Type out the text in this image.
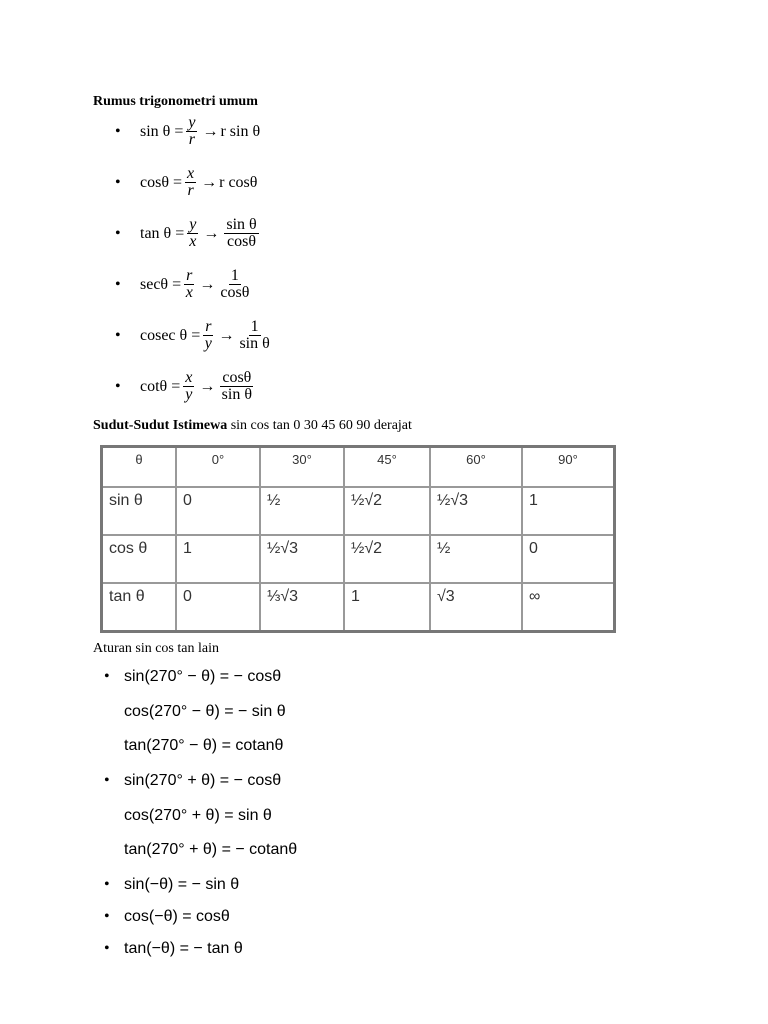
Rumus trigonometri umum
Sudut-Sudut Istimewa sin cos tan 0 30 45 60 90 derajat
θ	0°	30°	45°	60°	90°
sin θ	0	½	½√2	½√3	1
cos θ	1	½√3	½√2	½	0
tan θ	0	⅓√3	1	√3	∞
Aturan sin cos tan lain
• $\sin \theta = \frac{y}{r} \to r$ sin θ
• $\cos\theta = \frac{x}{r} \to r$ cosθ
• $\tan \theta = \frac{y}{x} \to \frac{\text{sin θ}}{\cos\theta}$
• $\sec\theta = \frac{r}{x} \to \frac{1}{\cos\theta}$
• cosec $\theta = \frac{r}{y} \to \frac{1}{\text{sin θ}}$
• $\cot\theta = \frac{x}{y} \to \frac{\cos\theta}{\text{sin θ}}$
• sin(270° − θ) = − cosθ
cos(270° − θ) = − sin θ
tan(270° − θ) = cotanθ
• sin(270° + θ) = − cosθ
cos(270° + θ) = sin θ
tan(270° + θ) = − cotanθ
• sin(−θ) = − sin θ
• cos(−θ) = cosθ
• tan(−θ) = − tan θ
